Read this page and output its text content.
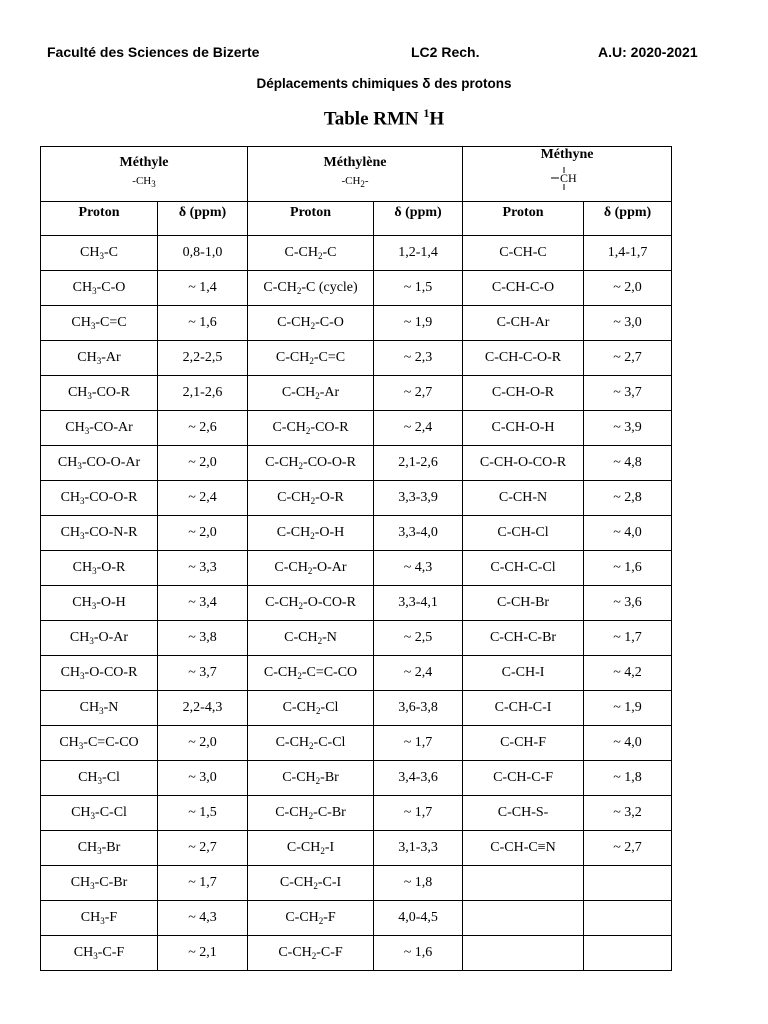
Faculté des Sciences de Bizerte	LC2 Rech.	A.U: 2020-2021
Déplacements chimiques δ des protons
Table RMN $^1$H
Méthyle
$-CH_3$		Méthylène
$-CH_2-$		Méthyne
CH	

Proton	δ (ppm)	Proton	δ (ppm)	Proton	δ (ppm)
$CH_3-C$	0,8-1,0	$C-CH_2-C$	1,2-1,4	C-CH-C	1,4-1,7
$CH_3-C-O$	~ 1,4	$C-CH_2-C$ (cycle)	~ 1,5	C-CH-C-O	~ 2,0
$CH_3-C=C$	~ 1,6	$C-CH_2-C-O$	~ 1,9	C-CH-Ar	~ 3,0
$CH_3-Ar$	2,2-2,5	$C-CH_2-C=C$	~ 2,3	C-CH-C-O-R	~ 2,7
$CH_3-CO-R$	2,1-2,6	$C-CH_2-Ar$	~ 2,7	C-CH-O-R	~ 3,7
$CH_3-CO-Ar$	~ 2,6	$C-CH_2-CO-R$	~ 2,4	C-CH-O-H	~ 3,9
$CH_3-CO-O-Ar$	~ 2,0	$C-CH_2-CO-O-R$	2,1-2,6	C-CH-O-CO-R	~ 4,8
$CH_3-CO-O-R$	~ 2,4	$C-CH_2-O-R$	3,3-3,9	C-CH-N	~ 2,8
$CH_3-CO-N-R$	~ 2,0	$C-CH_2-O-H$	3,3-4,0	C-CH-Cl	~ 4,0
$CH_3-O-R$	~ 3,3	$C-CH_2-O-Ar$	~ 4,3	C-CH-C-Cl	~ 1,6
$CH_3-O-H$	~ 3,4	$C-CH_2-O-CO-R$	3,3-4,1	C-CH-Br	~ 3,6
$CH_3-O-Ar$	~ 3,8	$C-CH_2-N$	~ 2,5	C-CH-C-Br	~ 1,7
$CH_3-O-CO-R$	~ 3,7	$C-CH_2-C=C-CO$	~ 2,4	C-CH-I	~ 4,2
$CH_3-N$	2,2-4,3	$C-CH_2-Cl$	3,6-3,8	C-CH-C-I	~ 1,9
$CH_3-C=C-CO$	~ 2,0	$C-CH_2-C-Cl$	~ 1,7	C-CH-F	~ 4,0
$CH_3-Cl$	~ 3,0	$C-CH_2-Br$	3,4-3,6	C-CH-C-F	~ 1,8
$CH_3-C-Cl$	~ 1,5	$C-CH_2-C-Br$	~ 1,7	C-CH-S-	~ 3,2
$CH_3-Br$	~ 2,7	$C-CH_2-I$	3,1-3,3	C-CH-C≡N	~ 2,7
$CH_3-C-Br$	~ 1,7	$C-CH_2-C-I$	~ 1,8		
$CH_3-F$	~ 4,3	$C-CH_2-F$	4,0-4,5		
$CH_3-C-F$	~ 2,1	$C-CH_2-C-F$	~ 1,6		
